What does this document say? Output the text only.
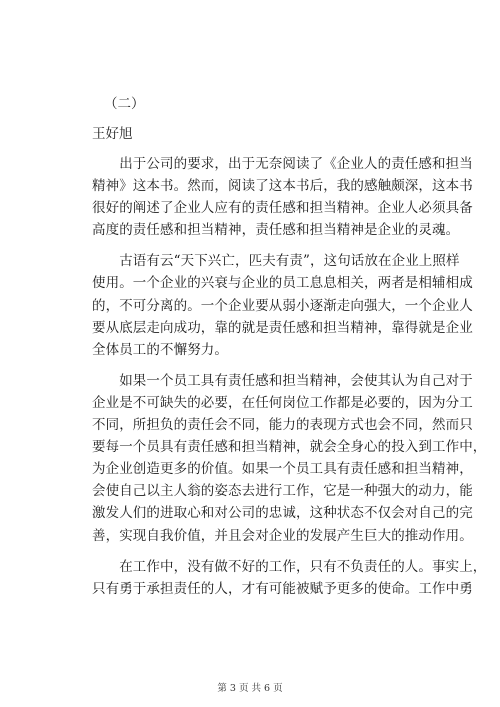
（二）
王好旭
　　出于公司的要求，出于无奈阅读了《企业人的责任感和担当
精神》这本书。然而，阅读了这本书后，我的感触颇深，这本书
很好的阐述了企业人应有的责任感和担当精神。企业人必须具备
高度的责任感和担当精神，责任感和担当精神是企业的灵魂。
　　古语有云“天下兴亡，匹夫有责”，这句话放在企业上照样
使用。一个企业的兴衰与企业的员工息息相关，两者是相辅相成
的，不可分离的。一个企业要从弱小逐渐走向强大，一个企业人
要从底层走向成功，靠的就是责任感和担当精神，靠得就是企业
全体员工的不懈努力。
　　如果一个员工具有责任感和担当精神，会使其认为自己对于
企业是不可缺失的必要，在任何岗位工作都是必要的，因为分工
不同，所担负的责任会不同，能力的表现方式也会不同，然而只
要每一个员具有责任感和担当精神，就会全身心的投入到工作中，
为企业创造更多的价值。如果一个员工具有责任感和担当精神，
会使自己以主人翁的姿态去进行工作，它是一种强大的动力，能
激发人们的进取心和对公司的忠诚，这种状态不仅会对自己的完
善，实现自我价值，并且会对企业的发展产生巨大的推动作用。
　　在工作中，没有做不好的工作，只有不负责任的人。事实上，
只有勇于承担责任的人，才有可能被赋予更多的使命。工作中勇
第 3 页 共 6 页
